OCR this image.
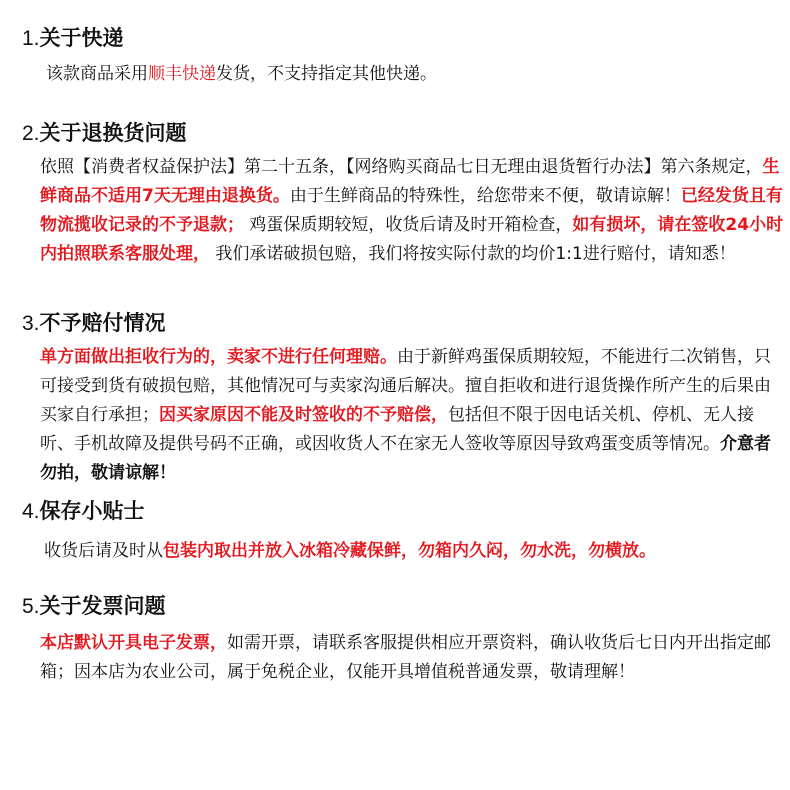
1.关于快递

该款商品采用顺丰快递发货，不支持指定其他快递。

2.关于退换货问题

依照【消费者权益保护法】第二十五条，【网络购买商品七日无理由退货暂行办法】第六条规定，生鲜商品不适用7天无理由退换货。由于生鲜商品的特殊性，给您带来不便，敬请谅解！已经发货且有物流揽收记录的不予退款； 鸡蛋保质期较短，收货后请及时开箱检查，如有损坏，请在签收24小时内拍照联系客服处理， 我们承诺破损包赔，我们将按实际付款的均价1:1进行赔付，请知悉！

3.不予赔付情况

单方面做出拒收行为的，卖家不进行任何理赔。由于新鲜鸡蛋保质期较短，不能进行二次销售，只可接受到货有破损包赔，其他情况可与卖家沟通后解决。擅自拒收和进行退货操作所产生的后果由买家自行承担；因买家原因不能及时签收的不予赔偿，包括但不限于因电话关机、停机、无人接听、手机故障及提供号码不正确，或因收货人不在家无人签收等原因导致鸡蛋变质等情况。介意者勿拍，敬请谅解！

4.保存小贴士

收货后请及时从包装内取出并放入冰箱冷藏保鲜，勿箱内久闷，勿水洗，勿横放。

5.关于发票问题

本店默认开具电子发票，如需开票，请联系客服提供相应开票资料，确认收货后七日内开出指定邮箱；因本店为农业公司，属于免税企业，仅能开具增值税普通发票，敬请理解！
